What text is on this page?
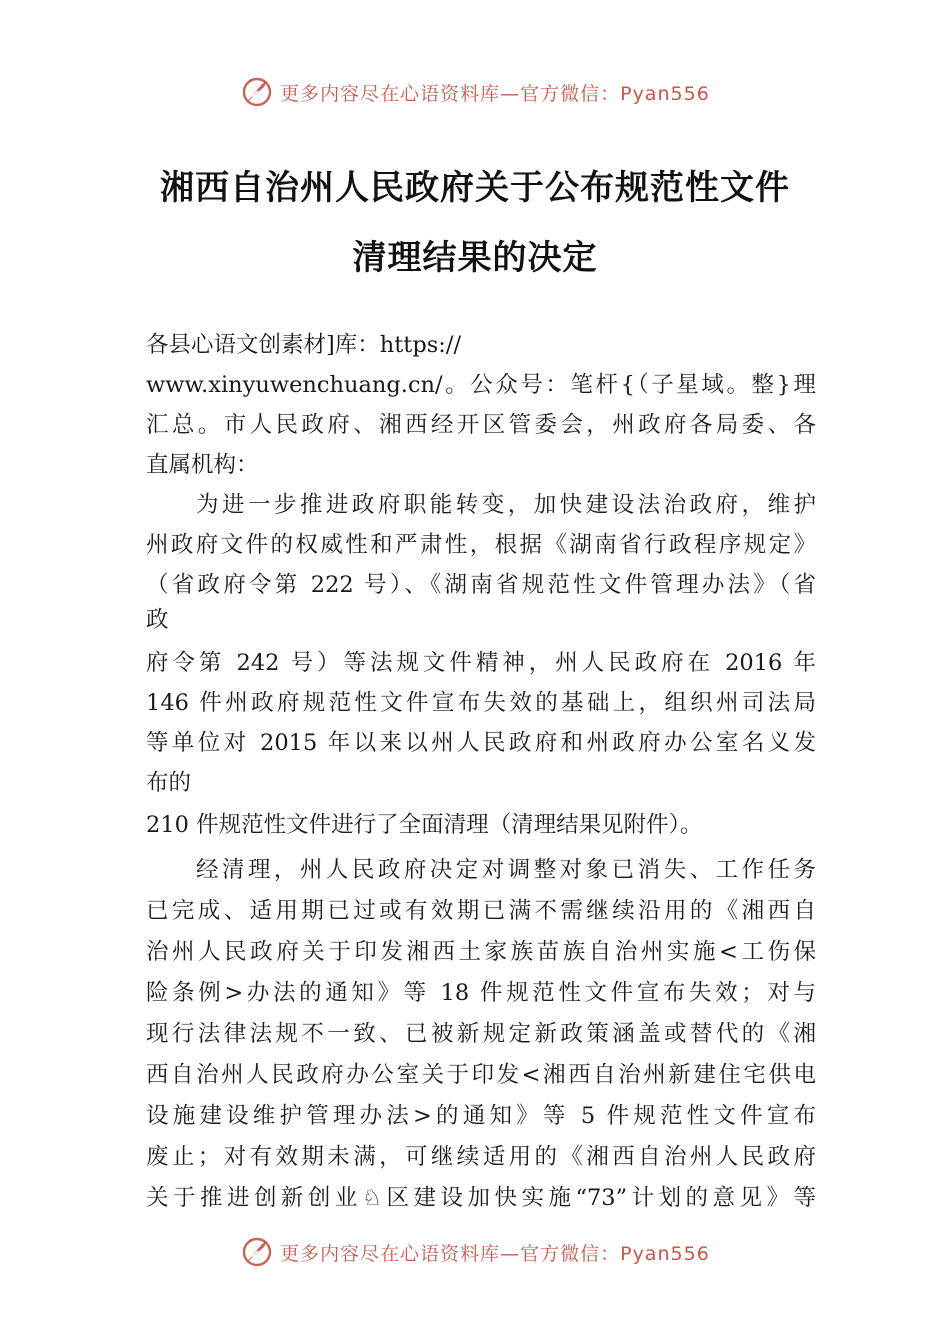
更多内容尽在心语资料库—官方微信：Pyan556
湘西自治州人民政府关于公布规范性文件
清理结果的决定
各县心语文创素材]库：https://
www.xinyuwenchuang.cn/。公众号：笔杆{（子星域。整}理
汇总。市人民政府、湘西经开区管委会，州政府各局委、各
直属机构：
为进一步推进政府职能转变，加快建设法治政府，维护
州政府文件的权威性和严肃性，根据《湖南省行政程序规定》
（省政府令第 222 号）、《湖南省规范性文件管理办法》（省
政
府令第 242 号）等法规文件精神，州人民政府在 2016 年
146 件州政府规范性文件宣布失效的基础上，组织州司法局
等单位对 2015 年以来以州人民政府和州政府办公室名义发
布的
210 件规范性文件进行了全面清理（清理结果见附件）。
经清理，州人民政府决定对调整对象已消失、工作任务
已完成、适用期已过或有效期已满不需继续沿用的《湘西自
治州人民政府关于印发湘西土家族苗族自治州实施<工伤保
险条例>办法的通知》等 18 件规范性文件宣布失效；对与
现行法律法规不一致、已被新规定新政策涵盖或替代的《湘
西自治州人民政府办公室关于印发<湘西自治州新建住宅供电
设施建设维护管理办法>的通知》等 5 件规范性文件宣布
废止；对有效期未满，可继续适用的《湘西自治州人民政府
关于推进创新创业♘区建设加快实施“73”计划的意见》等
更多内容尽在心语资料库—官方微信：Pyan556
